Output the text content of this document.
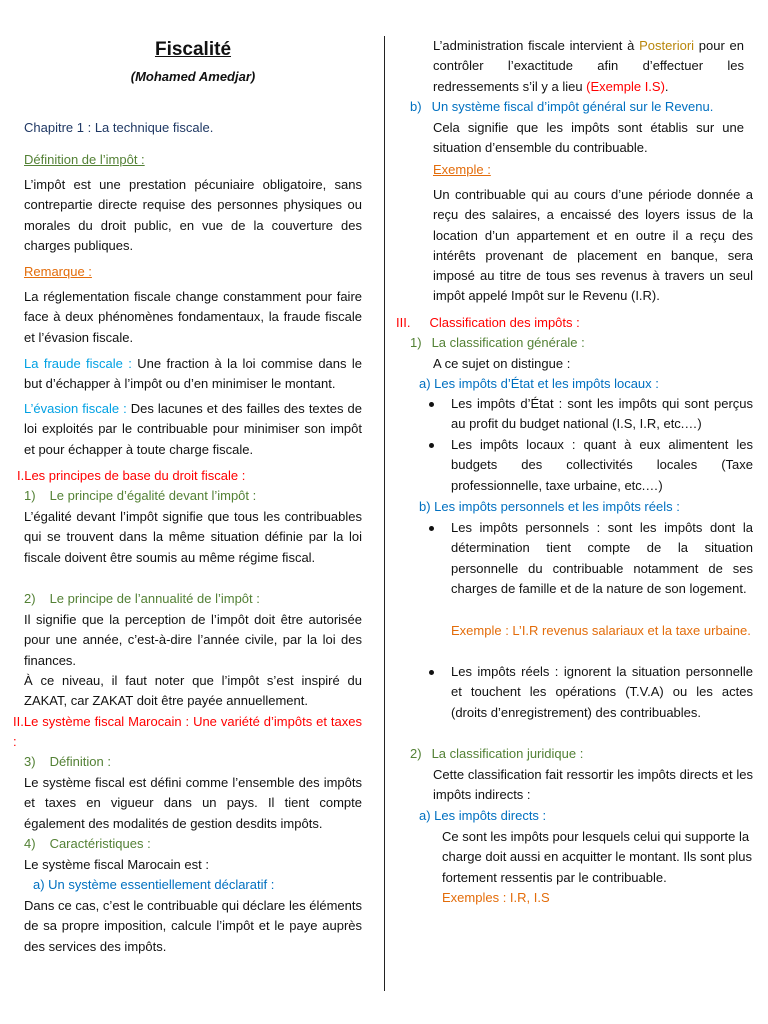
Fiscalité
(Mohamed Amedjar)
Chapitre 1 : La technique fiscale.
Définition de l’impôt :
L’impôt est une prestation pécuniaire obligatoire, sans contrepartie directe requise des personnes physiques ou morales du droit public, en vue de la couverture des charges publiques.
Remarque :
La réglementation fiscale change constamment pour faire face à deux phénomènes fondamentaux, la fraude fiscale et l’évasion fiscale.
La fraude fiscale : Une fraction à la loi commise dans le but d’échapper à l’impôt ou d’en minimiser le montant.
L’évasion fiscale : Des lacunes et des failles des textes de loi exploités par le contribuable pour minimiser son impôt et pour échapper à toute charge fiscale.
I.Les principes de base du droit fiscale :
1) Le principe d’égalité devant l’impôt :
L’égalité devant l’impôt signifie que tous les contribuables qui se trouvent dans la même situation définie par la loi fiscale doivent être soumis au même régime fiscal.
2) Le principe de l’annualité de l’impôt :
Il signifie que la perception de l’impôt doit être autorisée pour une année, c’est-à-dire l’année civile, par la loi des finances.
À ce niveau, il faut noter que l’impôt s’est inspiré du ZAKAT, car ZAKAT doit être payée annuellement.
II.Le système fiscal Marocain : Une variété d’impôts et taxes :
3) Définition :
Le système fiscal est défini comme l’ensemble des impôts et taxes en vigueur dans un pays. Il tient compte également des modalités de gestion desdits impôts.
4) Caractéristiques :
Le système fiscal Marocain est :
a) Un système essentiellement déclaratif :
Dans ce cas, c’est le contribuable qui déclare les éléments de sa propre imposition, calcule l’impôt et le paye auprès des services des impôts.
L’administration fiscale intervient à Posteriori pour en contrôler l’exactitude afin d’effectuer les redressements s’il y a lieu (Exemple I.S).
b) Un système fiscal d’impôt général sur le Revenu.
Cela signifie que les impôts sont établis sur une situation d’ensemble du contribuable.
Exemple :
Un contribuable qui au cours d’une période donnée a reçu des salaires, a encaissé des loyers issus de la location d’un appartement et en outre il a reçu des intérêts provenant de placement en banque, sera imposé au titre de tous ses revenus à travers un seul impôt appelé Impôt sur le Revenu (I.R).
III. Classification des impôts :
1) La classification générale :
A ce sujet on distingue :
a) Les impôts d’État et les impôts locaux :
Les impôts d’État : sont les impôts qui sont perçus au profit du budget national (I.S, I.R, etc.…)
Les impôts locaux : quant à eux alimentent les budgets des collectivités locales (Taxe professionnelle, taxe urbaine, etc.…)
b) Les impôts personnels et les impôts réels :
Les impôts personnels : sont les impôts dont la détermination tient compte de la situation personnelle du contribuable notamment de ses charges de famille et de la nature de son logement.
Exemple : L’I.R revenus salariaux et la taxe urbaine.
Les impôts réels : ignorent la situation personnelle et touchent les opérations (T.V.A) ou les actes (droits d’enregistrement) des contribuables.
2) La classification juridique :
Cette classification fait ressortir les impôts directs et les impôts indirects :
a) Les impôts directs :
Ce sont les impôts pour lesquels celui qui supporte la charge doit aussi en acquitter le montant. Ils sont plus fortement ressentis par le contribuable.
Exemples : I.R, I.S
